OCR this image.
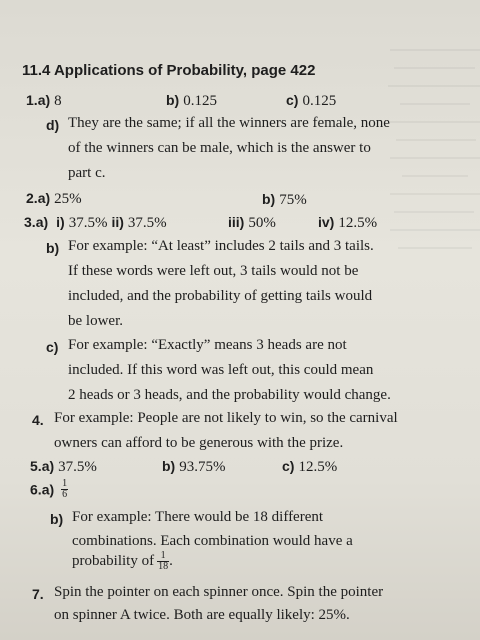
11.4 Applications of Probability, page 422
1.a) 8	b) 0.125	c) 0.125
d) They are the same; if all the winners are female, none
of the winners can be male, which is the answer to
part c.
2.a) 25%	b) 75%
3.a) i) 37.5% ii) 37.5%	iii) 50%	iv) 12.5%
b) For example: “At least” includes 2 tails and 3 tails.
If these words were left out, 3 tails would not be
included, and the probability of getting tails would
be lower.
c) For example: “Exactly” means 3 heads are not
included. If this word was left out, this could mean
2 heads or 3 heads, and the probability would change.
4. For example: People are not likely to win, so the carnival
owners can afford to be generous with the prize.
5.a) 37.5%	b) 93.75%	c) 12.5%
$6.a) \frac{1}{6}$
b) For example: There would be 18 different
combinations. Each combination would have a
probability of $\frac{1}{18}$ .
7. Spin the pointer on each spinner once. Spin the pointer
on spinner A twice. Both are equally likely: 25%.
